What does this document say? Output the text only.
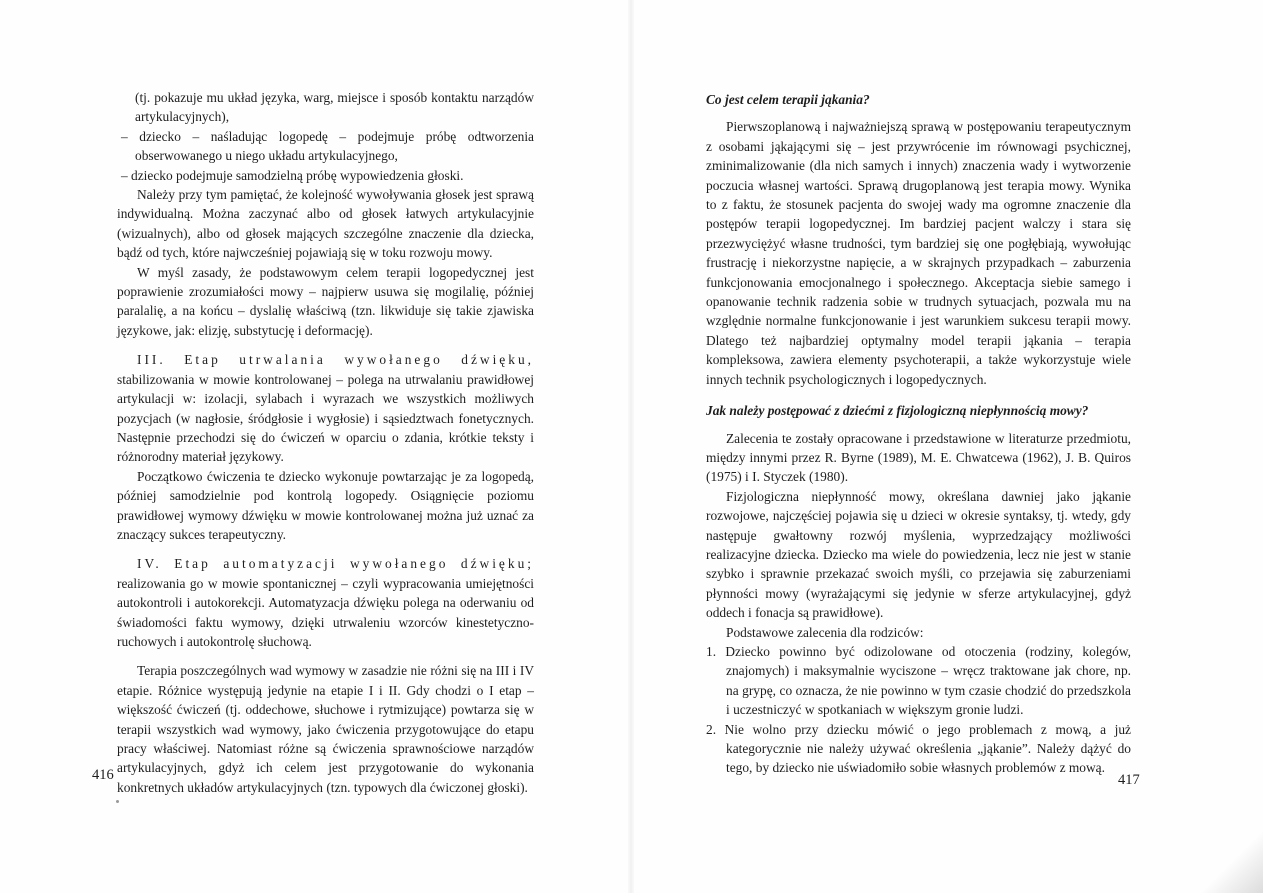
(tj. pokazuje mu układ języka, warg, miejsce i sposób kontaktu narządów artykulacyjnych),

– dziecko – naśladując logopedę – podejmuje próbę odtworzenia obserwowanego u niego układu artykulacyjnego,

– dziecko podejmuje samodzielną próbę wypowiedzenia głoski.

Należy przy tym pamiętać, że kolejność wywoływania głosek jest sprawą indywidualną. Można zaczynać albo od głosek łatwych artykulacyjnie (wizualnych), albo od głosek mających szczególne znaczenie dla dziecka, bądź od tych, które najwcześniej pojawiają się w toku rozwoju mowy.

W myśl zasady, że podstawowym celem terapii logopedycznej jest poprawienie zrozumiałości mowy – najpierw usuwa się mogilalię, później paralalię, a na końcu – dyslalię właściwą (tzn. likwiduje się takie zjawiska językowe, jak: elizję, substytucję i deformację).

III. Etap utrwalania wywołanego dźwięku, stabilizowania w mowie kontrolowanej – polega na utrwalaniu prawidłowej artykulacji w: izolacji, sylabach i wyrazach we wszystkich możliwych pozycjach (w nagłosie, śródgłosie i wygłosie) i sąsiedztwach fonetycznych. Następnie przechodzi się do ćwiczeń w oparciu o zdania, krótkie teksty i różnorodny materiał językowy.

Początkowo ćwiczenia te dziecko wykonuje powtarzając je za logopedą, później samodzielnie pod kontrolą logopedy. Osiągnięcie poziomu prawidłowej wymowy dźwięku w mowie kontrolowanej można już uznać za znaczący sukces terapeutyczny.

IV. Etap automatyzacji wywołanego dźwięku; realizowania go w mowie spontanicznej – czyli wypracowania umiejętności autokontroli i autokorekcji. Automatyzacja dźwięku polega na oderwaniu od świadomości faktu wymowy, dzięki utrwaleniu wzorców kinestetyczno-ruchowych i autokontrolę słuchową.

Terapia poszczególnych wad wymowy w zasadzie nie różni się na III i IV etapie. Różnice występują jedynie na etapie I i II. Gdy chodzi o I etap – większość ćwiczeń (tj. oddechowe, słuchowe i rytmizujące) powtarza się w terapii wszystkich wad wymowy, jako ćwiczenia przygotowujące do etapu pracy właściwej. Natomiast różne są ćwiczenia sprawnościowe narządów artykulacyjnych, gdyż ich celem jest przygotowanie do wykonania konkretnych układów artykulacyjnych (tzn. typowych dla ćwiczonej głoski).

416
Co jest celem terapii jąkania?

Pierwszoplanową i najważniejszą sprawą w postępowaniu terapeutycznym z osobami jąkającymi się – jest przywrócenie im równowagi psychicznej, zminimalizowanie (dla nich samych i innych) znaczenia wady i wytworzenie poczucia własnej wartości. Sprawą drugoplanową jest terapia mowy. Wynika to z faktu, że stosunek pacjenta do swojej wady ma ogromne znaczenie dla postępów terapii logopedycznej. Im bardziej pacjent walczy i stara się przezwyciężyć własne trudności, tym bardziej się one pogłębiają, wywołując frustrację i niekorzystne napięcie, a w skrajnych przypadkach – zaburzenia funkcjonowania emocjonalnego i społecznego. Akceptacja siebie samego i opanowanie technik radzenia sobie w trudnych sytuacjach, pozwala mu na względnie normalne funkcjonowanie i jest warunkiem sukcesu terapii mowy. Dlatego też najbardziej optymalny model terapii jąkania – terapia kompleksowa, zawiera elementy psychoterapii, a także wykorzystuje wiele innych technik psychologicznych i logopedycznych.

Jak należy postępować z dziećmi z fizjologiczną niepłynnością mowy?

Zalecenia te zostały opracowane i przedstawione w literaturze przedmiotu, między innymi przez R. Byrne (1989), M. E. Chwatcewa (1962), J. B. Quiros (1975) i I. Styczek (1980).

Fizjologiczna niepłynność mowy, określana dawniej jako jąkanie rozwojowe, najczęściej pojawia się u dzieci w okresie syntaksy, tj. wtedy, gdy następuje gwałtowny rozwój myślenia, wyprzedzający możliwości realizacyjne dziecka. Dziecko ma wiele do powiedzenia, lecz nie jest w stanie szybko i sprawnie przekazać swoich myśli, co przejawia się zaburzeniami płynności mowy (wyrażającymi się jedynie w sferze artykulacyjnej, gdyż oddech i fonacja są prawidłowe).

Podstawowe zalecenia dla rodziców:

1. Dziecko powinno być odizolowane od otoczenia (rodziny, kolegów, znajomych) i maksymalnie wyciszone – wręcz traktowane jak chore, np. na grypę, co oznacza, że nie powinno w tym czasie chodzić do przedszkola i uczestniczyć w spotkaniach w większym gronie ludzi.

2. Nie wolno przy dziecku mówić o jego problemach z mową, a już kategorycznie nie należy używać określenia „jąkanie”. Należy dążyć do tego, by dziecko nie uświadomiło sobie własnych problemów z mową.

417
